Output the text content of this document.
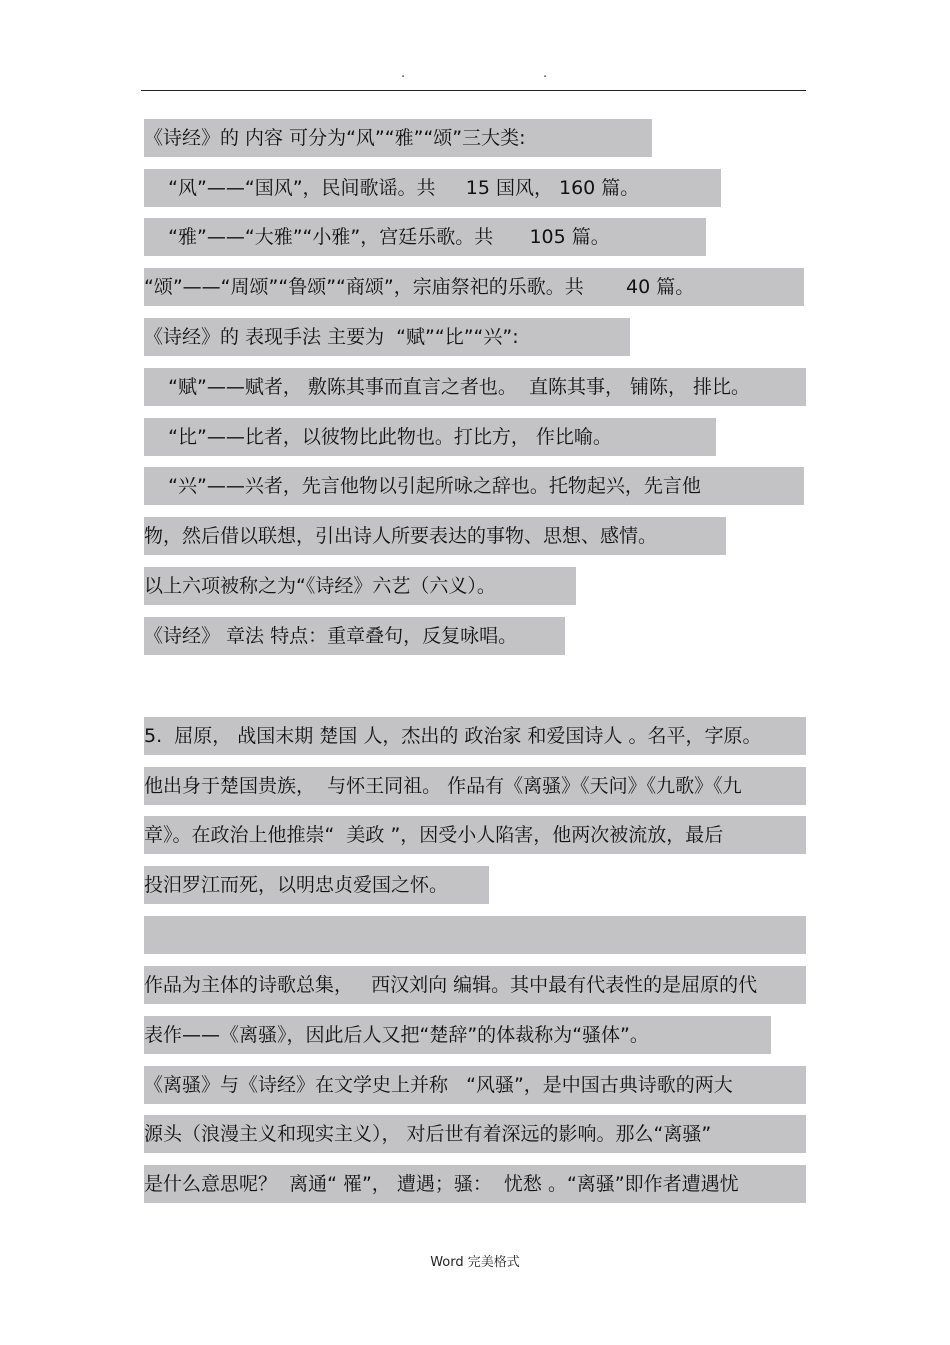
.	.
《诗经》的 内容 可分为“风”“雅”“颂”三大类:
“风”——“国风”，民间歌谣。共     15 国风， 160 篇。
“雅”——“大雅”“小雅”，宫廷乐歌。共      105 篇。
“颂”——“周颂”“鲁颂”“商颂”，宗庙祭祀的乐歌。共       40 篇。
《诗经》的 表现手法 主要为  “赋”“比”“兴”:
“赋”——赋者， 敷陈其事而直言之者也。  直陈其事， 铺陈， 排比。
“比”——比者，以彼物比此物也。打比方， 作比喻。
“兴”——兴者，先言他物以引起所咏之辞也。托物起兴，先言他
物，然后借以联想，引出诗人所要表达的事物、思想、感情。
以上六项被称之为“《诗经》六艺（六义）。
《诗经》 章法 特点：重章叠句，反复咏唱。
5.  屈原， 战国末期 楚国 人，杰出的 政治家 和爱国诗人 。名平，字原。
他出身于楚国贵族，  与怀王同祖。 作品有《离骚》《天问》《九歌》《九
章》。在政治上他推崇“  美政 ”，因受小人陷害，他两次被流放，最后
投汨罗江而死，以明忠贞爱国之怀。

作品为主体的诗歌总集，   西汉刘向 编辑。其中最有代表性的是屈原的代
表作——《离骚》，因此后人又把“楚辞”的体裁称为“骚体”。
《离骚》与《诗经》在文学史上并称   “风骚”，是中国古典诗歌的两大
源头（浪漫主义和现实主义）， 对后世有着深远的影响。那么“离骚”
是什么意思呢？  离通“ 罹”， 遭遇；骚：  忧愁 。“离骚”即作者遭遇忧
Word 完美格式
